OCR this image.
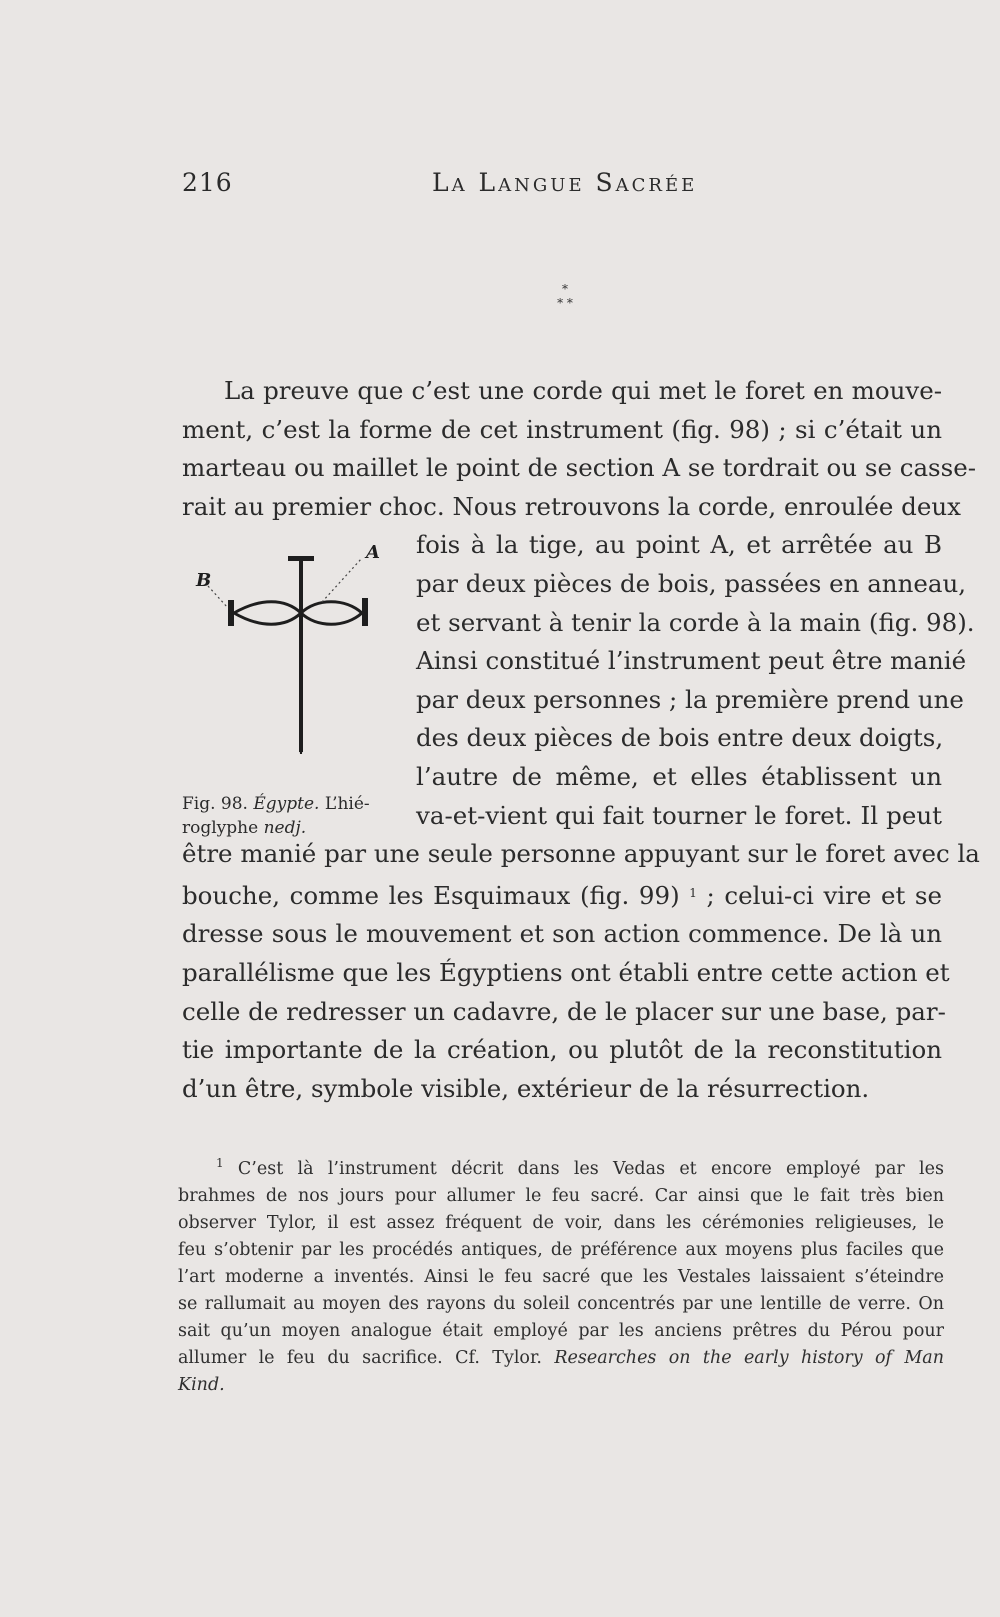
216	La Langue Sacrée
*
* *
La preuve que c’est une corde qui met le foret en mouve-
ment, c’est la forme de cet instrument (fig. 98) ; si c’était un
marteau ou maillet le point de section A se tordrait ou se casse-
rait au premier choc. Nous retrouvons la corde, enroulée deux
fois à la tige, au point A, et arrêtée au B
par deux pièces de bois, passées en anneau,
et servant à tenir la corde à la main (fig. 98).
Ainsi constitué l’instrument peut être manié
par deux personnes ; la première prend une
des deux pièces de bois entre deux doigts,
l’autre de même, et elles établissent un
va-et-vient qui fait tourner le foret. Il peut
être manié par une seule personne appuyant sur le foret avec la
bouche, comme les Esquimaux (fig. 99) $^1$ ; celui-ci vire et se
dresse sous le mouvement et son action commence. De là un
parallélisme que les Égyptiens ont établi entre cette action et
celle de redresser un cadavre, de le placer sur une base, par-
tie importante de la création, ou plutôt de la reconstitution
d’un être, symbole visible, extérieur de la résurrection.
A
B
Fig. 98. Égypte. L’hié-
roglyphe nedj.
$^1$ C’est là l’instrument décrit dans les Vedas et encore employé par les
brahmes de nos jours pour allumer le feu sacré. Car ainsi que le fait très bien
observer Tylor, il est assez fréquent de voir, dans les cérémonies religieuses, le
feu s’obtenir par les procédés antiques, de préférence aux moyens plus faciles que
l’art moderne a inventés. Ainsi le feu sacré que les Vestales laissaient s’éteindre
se rallumait au moyen des rayons du soleil concentrés par une lentille de verre. On
sait qu’un moyen analogue était employé par les anciens prêtres du Pérou pour
allumer le feu du sacrifice. Cf. Tylor. Researches on the early history of Man
Kind.
